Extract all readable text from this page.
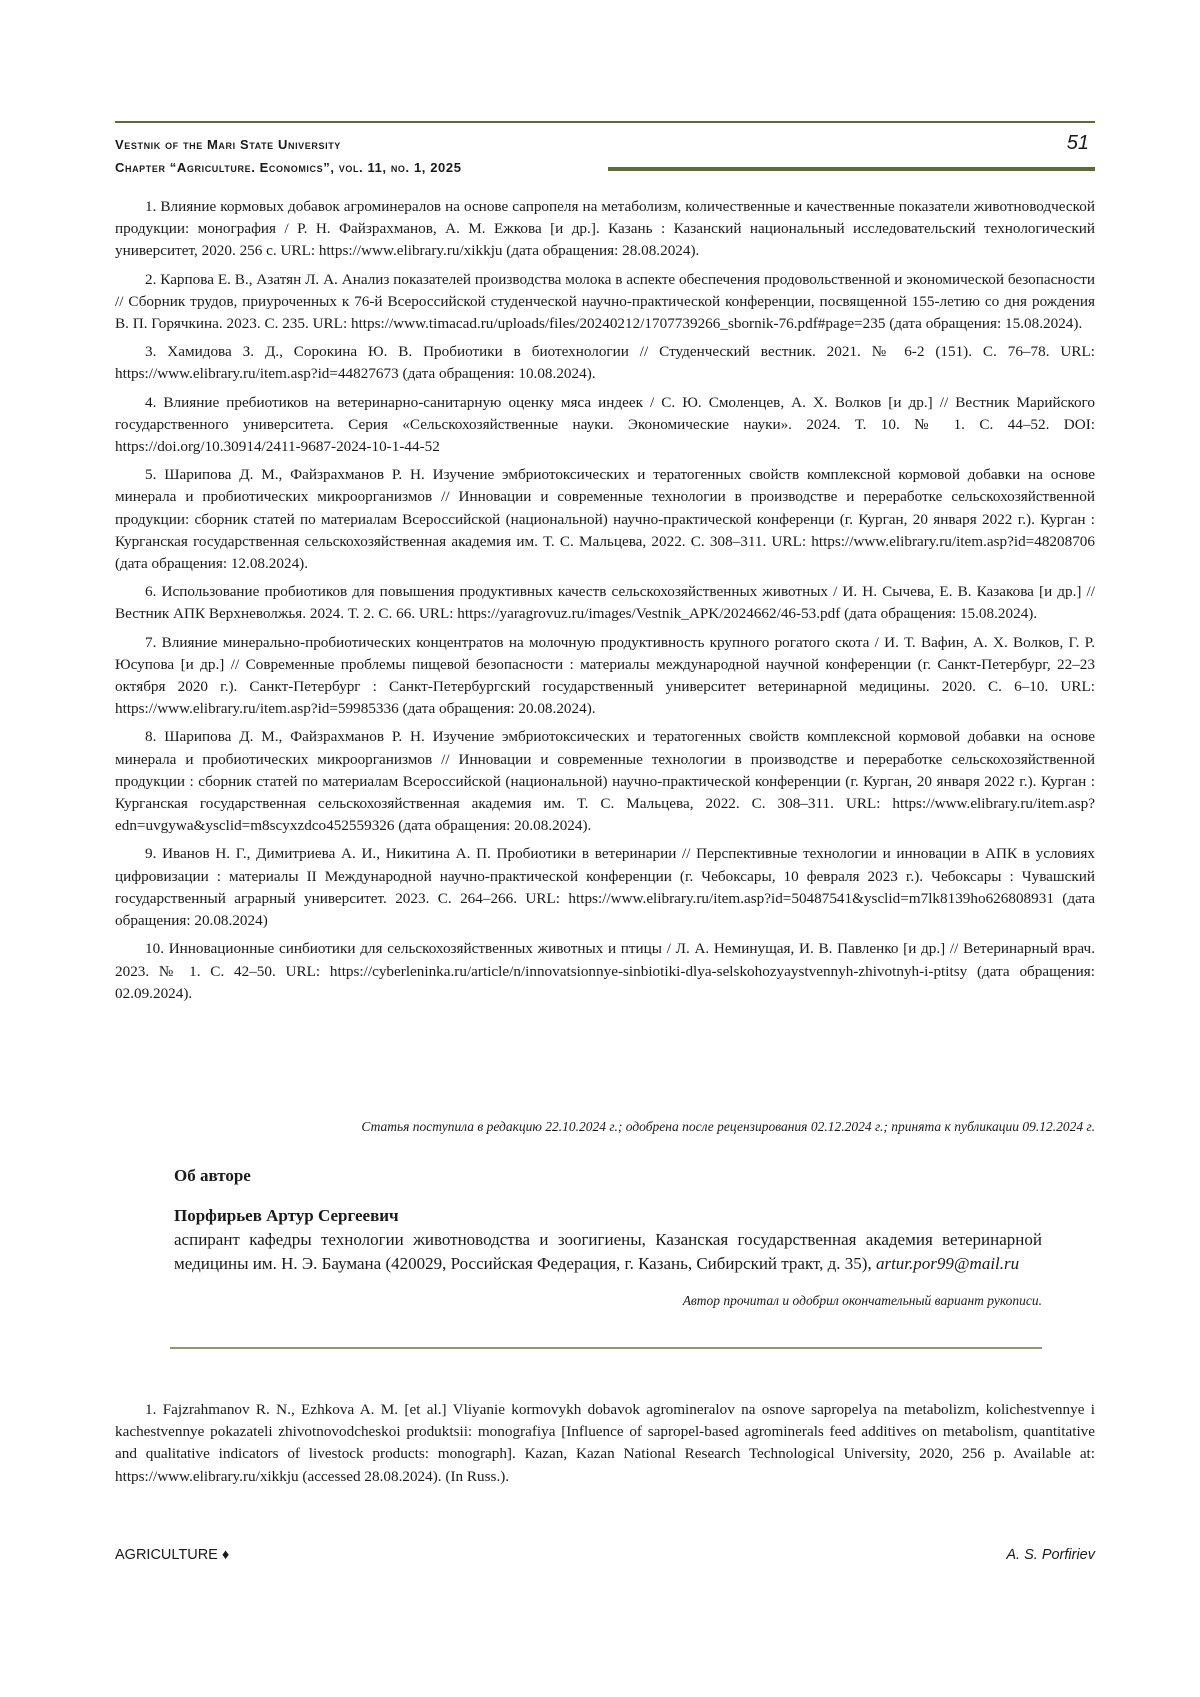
Vestnik of the Mari State University
Chapter “Agriculture. Economics”, vol. 11, no. 1, 2025
51

1. Влияние кормовых добавок агроминералов на основе сапропеля на метаболизм, количественные и качественные показатели животноводческой продукции: монография / Р. Н. Файзрахманов, А. М. Ежкова [и др.]. Казань : Казанский национальный исследовательский технологический университет, 2020. 256 с. URL: https://www.elibrary.ru/xikkju (дата обращения: 28.08.2024).

2. Карпова Е. В., Азатян Л. А. Анализ показателей производства молока в аспекте обеспечения продовольственной и экономической безопасности // Сборник трудов, приуроченных к 76-й Всероссийской студенческой научно-практической конференции, посвященной 155-летию со дня рождения В. П. Горячкина. 2023. С. 235. URL: https://www.timacad.ru/uploads/files/20240212/1707739266_sbornik-76.pdf#page=235 (дата обращения: 15.08.2024).

3. Хамидова З. Д., Сорокина Ю. В. Пробиотики в биотехнологии // Студенческий вестник. 2021. № 6-2 (151). С. 76–78. URL: https://www.elibrary.ru/item.asp?id=44827673 (дата обращения: 10.08.2024).

4. Влияние пребиотиков на ветеринарно-санитарную оценку мяса индеек / С. Ю. Смоленцев, А. Х. Волков [и др.] // Вестник Марийского государственного университета. Серия «Сельскохозяйственные науки. Экономические науки». 2024. Т. 10. № 1. С. 44–52. DOI: https://doi.org/10.30914/2411-9687-2024-10-1-44-52

5. Шарипова Д. М., Файзрахманов Р. Н. Изучение эмбриотоксических и тератогенных свойств комплексной кормовой добавки на основе минерала и пробиотических микроорганизмов // Инновации и современные технологии в производстве и переработке сельскохозяйственной продукции: сборник статей по материалам Всероссийской (национальной) научно-практической конференци (г. Курган, 20 января 2022 г.). Курган : Курганская государственная сельскохозяйственная академия им. Т. С. Мальцева, 2022. С. 308–311. URL: https://www.elibrary.ru/item.asp?id=48208706 (дата обращения: 12.08.2024).

6. Использование пробиотиков для повышения продуктивных качеств сельскохозяйственных животных / И. Н. Сычева, Е. В. Казакова [и др.] // Вестник АПК Верхневолжья. 2024. Т. 2. С. 66. URL: https://yaragrovuz.ru/images/Vestnik_APK/2024662/46-53.pdf (дата обращения: 15.08.2024).

7. Влияние минерально-пробиотических концентратов на молочную продуктивность крупного рогатого скота / И. Т. Вафин, А. Х. Волков, Г. Р. Юсупова [и др.] // Современные проблемы пищевой безопасности : материалы международной научной конференции (г. Санкт-Петербург, 22–23 октября 2020 г.). Санкт-Петербург : Санкт-Петербургский государственный университет ветеринарной медицины. 2020. С. 6–10. URL: https://www.elibrary.ru/item.asp?id=59985336 (дата обращения: 20.08.2024).

8. Шарипова Д. М., Файзрахманов Р. Н. Изучение эмбриотоксических и тератогенных свойств комплексной кормовой добавки на основе минерала и пробиотических микроорганизмов // Инновации и современные технологии в производстве и переработке сельскохозяйственной продукции : сборник статей по материалам Всероссийской (национальной) научно-практической конференции (г. Курган, 20 января 2022 г.). Курган : Курганская государственная сельскохозяйственная академия им. Т. С. Мальцева, 2022. С. 308–311. URL: https://www.elibrary.ru/item.asp?edn=uvgywa&ysclid=m8scyxzdco452559326 (дата обращения: 20.08.2024).

9. Иванов Н. Г., Димитриева А. И., Никитина А. П. Пробиотики в ветеринарии // Перспективные технологии и инновации в АПК в условиях цифровизации : материалы II Международной научно-практической конференции (г. Чебоксары, 10 февраля 2023 г.). Чебоксары : Чувашский государственный аграрный университет. 2023. С. 264–266. URL: https://www.elibrary.ru/item.asp?id=50487541&ysclid=m7lk8139ho626808931 (дата обращения: 20.08.2024)

10. Инновационные синбиотики для сельскохозяйственных животных и птицы / Л. А. Неминущая, И. В. Павленко [и др.] // Ветеринарный врач. 2023. № 1. С. 42–50. URL: https://cyberleninka.ru/article/n/innovatsionnye-sinbiotiki-dlya-selskohozyaystvennyh-zhivotnyh-i-ptitsy (дата обращения: 02.09.2024).

Статья поступила в редакцию 22.10.2024 г.; одобрена после рецензирования 02.12.2024 г.; принята к публикации 09.12.2024 г.

Об авторе

Порфирьев Артур Сергеевич

аспирант кафедры технологии животноводства и зоогигиены, Казанская государственная академия ветеринарной медицины им. Н. Э. Баумана (420029, Российская Федерация, г. Казань, Сибирский тракт, д. 35), artur.por99@mail.ru

Автор прочитал и одобрил окончательный вариант рукописи.

1. Fajzrahmanov R. N., Ezhkova A. M. [et al.] Vliyanie kormovykh dobavok agromineralov na osnove sapropelya na metabolizm, kolichestvennye i kachestvennye pokazateli zhivotnovodcheskoi produktsii: monografiya [Influence of sapropel-based agrominerals feed additives on metabolism, quantitative and qualitative indicators of livestock products: monograph]. Kazan, Kazan National Research Technological University, 2020, 256 p. Available at: https://www.elibrary.ru/xikkju (accessed 28.08.2024). (In Russ.).

AGRICULTURE ♦	A. S. Porfiriev
